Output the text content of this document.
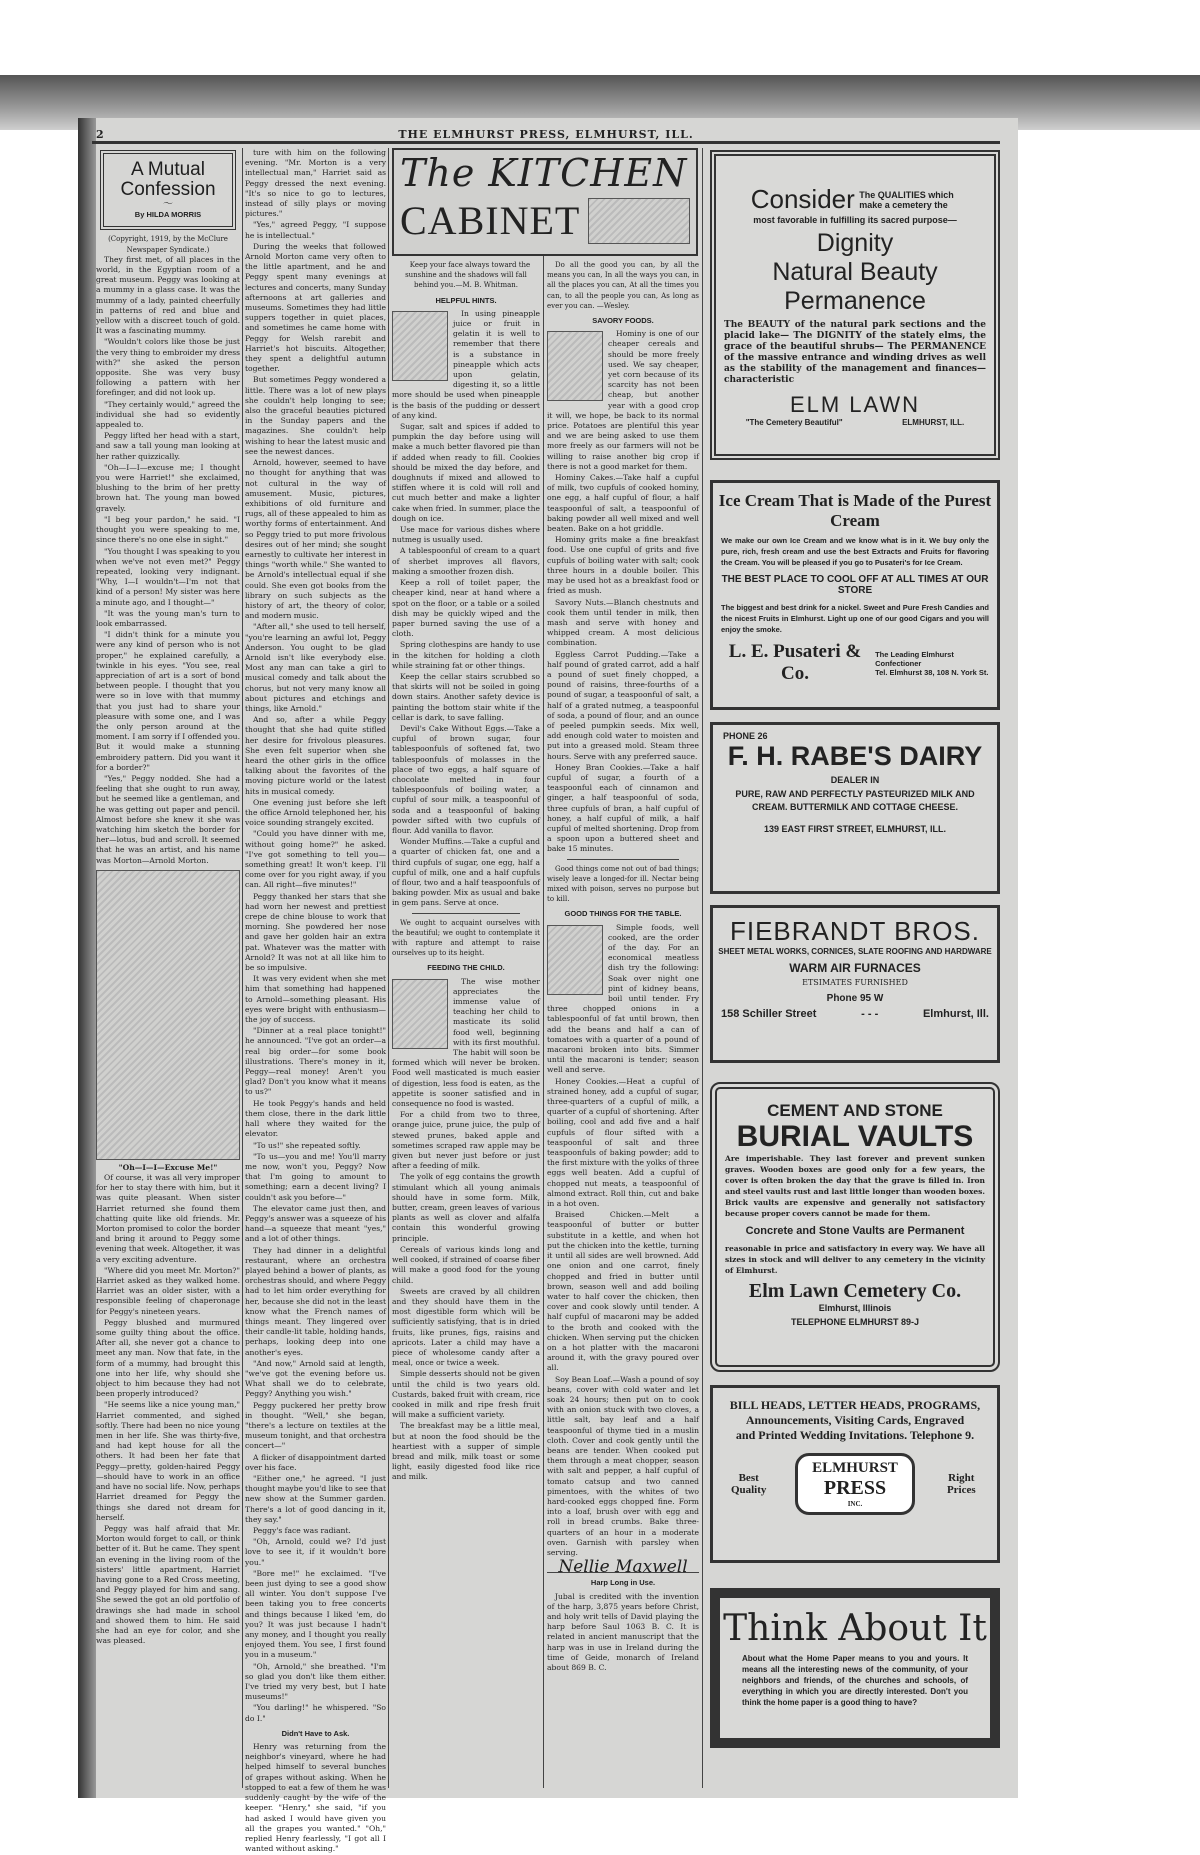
2	THE ELMHURST PRESS, ELMHURST, ILL.
A Mutual
Confession
〜
By HILDA MORRIS
(Copyright, 1919, by the McClure Newspaper Syndicate.)

They first met, of all places in the world, in the Egyptian room of a great museum. Peggy was looking at a mummy in a glass case. It was the mummy of a lady, painted cheerfully in patterns of red and blue and yellow with a discreet touch of gold. It was a fascinating mummy.

"Wouldn't colors like those be just the very thing to embroider my dress with?" she asked the person opposite. She was very busy following a pattern with her forefinger, and did not look up.

"They certainly would," agreed the individual she had so evidently appealed to.

Peggy lifted her head with a start, and saw a tall young man looking at her rather quizzically.

"Oh—I—I—excuse me; I thought you were Harriet!" she exclaimed, blushing to the brim of her pretty brown hat. The young man bowed gravely.

"I beg your pardon," he said. "I thought you were speaking to me, since there's no one else in sight."

"You thought I was speaking to you when we've not even met?" Peggy repeated, looking very indignant. "Why, I—I wouldn't—I'm not that kind of a person! My sister was here a minute ago, and I thought—"

"It was the young man's turn to look embarrassed.

"I didn't think for a minute you were any kind of person who is not proper," he explained carefully, a twinkle in his eyes. "You see, real appreciation of art is a sort of bond between people. I thought that you were so in love with that mummy that you just had to share your pleasure with some one, and I was the only person around at the moment. I am sorry if I offended you. But it would make a stunning embroidery pattern. Did you want it for a border?"

"Yes," Peggy nodded. She had a feeling that she ought to run away, but he seemed like a gentleman, and he was getting out paper and pencil. Almost before she knew it she was watching him sketch the border for her—lotus, bud and scroll. It seemed that he was an artist, and his name was Morton—Arnold Morton.

"Oh—I—I—Excuse Me!"

Of course, it was all very improper for her to stay there with him, but it was quite pleasant. When sister Harriet returned she found them chatting quite like old friends. Mr. Morton promised to color the border and bring it around to Peggy some evening that week. Altogether, it was a very exciting adventure.

"Where did you meet Mr. Morton?" Harriet asked as they walked home. Harriet was an older sister, with a responsible feeling of chaperonage for Peggy's nineteen years.

Peggy blushed and murmured some guilty thing about the office. After all, she never got a chance to meet any man. Now that fate, in the form of a mummy, had brought this one into her life, why should she object to him because they had not been properly introduced?

"He seems like a nice young man," Harriet commented, and sighed softly. There had been no nice young men in her life. She was thirty-five, and had kept house for all the others. It had been her fate that Peggy—pretty, golden-haired Peggy—should have to work in an office and have no social life. Now, perhaps Harriet dreamed for Peggy the things she dared not dream for herself.

Peggy was half afraid that Mr. Morton would forget to call, or think better of it. But he came. They spent an evening in the living room of the sisters' little apartment, Harriet having gone to a Red Cross meeting, and Peggy played for him and sang. She sewed the got an old portfolio of drawings she had made in school and showed them to him. He said she had an eye for color, and she was pleased.

ture with him on the following evening. "Mr. Morton is a very intellectual man," Harriet said as Peggy dressed the next evening. "It's so nice to go to lectures, instead of silly plays or moving pictures."

"Yes," agreed Peggy, "I suppose he is intellectual."

During the weeks that followed Arnold Morton came very often to the little apartment, and he and Peggy spent many evenings at lectures and concerts, many Sunday afternoons at art galleries and museums. Sometimes they had little suppers together in quiet places, and sometimes he came home with Peggy for Welsh rarebit and Harriet's hot biscuits. Altogether, they spent a delightful autumn together.

But sometimes Peggy wondered a little. There was a lot of new plays she couldn't help longing to see; also the graceful beauties pictured in the Sunday papers and the magazines. She couldn't help wishing to hear the latest music and see the newest dances.

Arnold, however, seemed to have no thought for anything that was not cultural in the way of amusement. Music, pictures, exhibitions of old furniture and rugs, all of these appealed to him as worthy forms of entertainment. And so Peggy tried to put more frivolous desires out of her mind; she sought earnestly to cultivate her interest in things "worth while." She wanted to be Arnold's intellectual equal if she could. She even got books from the library on such subjects as the history of art, the theory of color, and modern music.

"After all," she used to tell herself, "you're learning an awful lot, Peggy Anderson. You ought to be glad Arnold isn't like everybody else. Most any man can take a girl to musical comedy and talk about the chorus, but not very many know all about pictures and etchings and things, like Arnold."

And so, after a while Peggy thought that she had quite stifled her desire for frivolous pleasures. She even felt superior when she heard the other girls in the office talking about the favorites of the moving picture world or the latest hits in musical comedy.

One evening just before she left the office Arnold telephoned her, his voice sounding strangely excited.

"Could you have dinner with me, without going home?" he asked. "I've got something to tell you—something great! It won't keep. I'll come over for you right away, if you can. All right—five minutes!"

Peggy thanked her stars that she had worn her newest and prettiest crepe de chine blouse to work that morning. She powdered her nose and gave her golden hair an extra pat. Whatever was the matter with Arnold? It was not at all like him to be so impulsive.

It was very evident when she met him that something had happened to Arnold—something pleasant. His eyes were bright with enthusiasm—the joy of success.

"Dinner at a real place tonight!" he announced. "I've got an order—a real big order—for some book illustrations. There's money in it, Peggy—real money! Aren't you glad? Don't you know what it means to us?"

He took Peggy's hands and held them close, there in the dark little hall where they waited for the elevator.

"To us!" she repeated softly.

"To us—you and me! You'll marry me now, won't you, Peggy? Now that I'm going to amount to something; earn a decent living? I couldn't ask you before—"

The elevator came just then, and Peggy's answer was a squeeze of his hand—a squeeze that meant "yes," and a lot of other things.

They had dinner in a delightful restaurant, where an orchestra played behind a bower of plants, as orchestras should, and where Peggy had to let him order everything for her, because she did not in the least know what the French names of things meant. They lingered over their candle-lit table, holding hands, perhaps, looking deep into one another's eyes.

"And now," Arnold said at length, "we've got the evening before us. What shall we do to celebrate, Peggy? Anything you wish."

Peggy puckered her pretty brow in thought. "Well," she began, "there's a lecture on textiles at the museum tonight, and that orchestra concert—"

A flicker of disappointment darted over his face.

"Either one," he agreed. "I just thought maybe you'd like to see that new show at the Summer garden. There's a lot of good dancing in it, they say."

Peggy's face was radiant.

"Oh, Arnold, could we? I'd just love to see it, if it wouldn't bore you."

"Bore me!" he exclaimed. "I've been just dying to see a good show all winter. You don't suppose I've been taking you to free concerts and things because I liked 'em, do you? It was just because I hadn't any money, and I thought you really enjoyed them. You see, I first found you in a museum."

"Oh, Arnold," she breathed. "I'm so glad you don't like them either. I've tried my very best, but I hate museums!"

"You darling!" he whispered. "So do I."

Didn't Have to Ask.

Henry was returning from the neighbor's vineyard, where he had helped himself to several bunches of grapes without asking. When he stopped to eat a few of them he was suddenly caught by the wife of the keeper. "Henry," she said, "if you had asked I would have given you all the grapes you wanted." "Oh," replied Henry fearlessly, "I got all I wanted without asking."

The KITCHEN
CABINET

Keep your face always toward the sunshine and the shadows will fall behind you.—M. B. Whitman.

HELPFUL HINTS.

In using pineapple juice or fruit in gelatin it is well to remember that there is a substance in pineapple which acts upon gelatin, digesting it, so a little more should be used when pineapple is the basis of the pudding or dessert of any kind.

Sugar, salt and spices if added to pumpkin the day before using will make a much better flavored pie than if added when ready to fill. Cookies should be mixed the day before, and doughnuts if mixed and allowed to stiffen where it is cold will roll and cut much better and make a lighter cake when fried. In summer, place the dough on ice.

Use mace for various dishes where nutmeg is usually used.

A tablespoonful of cream to a quart of sherbet improves all flavors, making a smoother frozen dish.

Keep a roll of toilet paper, the cheaper kind, near at hand where a spot on the floor, or a table or a soiled dish may be quickly wiped and the paper burned saving the use of a cloth.

Spring clothespins are handy to use in the kitchen for holding a cloth while straining fat or other things.

Keep the cellar stairs scrubbed so that skirts will not be soiled in going down stairs. Another safety device is painting the bottom stair white if the cellar is dark, to save falling.

Devil's Cake Without Eggs.—Take a cupful of brown sugar, four tablespoonfuls of softened fat, two tablespoonfuls of molasses in the place of two eggs, a half square of chocolate melted in four tablespoonfuls of boiling water, a cupful of sour milk, a teaspoonful of soda and a teaspoonful of baking powder sifted with two cupfuls of flour. Add vanilla to flavor.

Wonder Muffins.—Take a cupful and a quarter of chicken fat, one and a third cupfuls of sugar, one egg, half a cupful of milk, one and a half cupfuls of flour, two and a half teaspoonfuls of baking powder. Mix as usual and bake in gem pans. Serve at once.

We ought to acquaint ourselves with the beautiful; we ought to contemplate it with rapture and attempt to raise ourselves up to its height.

FEEDING THE CHILD.

The wise mother appreciates the immense value of teaching her child to masticate its solid food well, beginning with its first mouthful. The habit will soon be formed which will never be broken. Food well masticated is much easier of digestion, less food is eaten, as the appetite is sooner satisfied and in consequence no food is wasted.

For a child from two to three, orange juice, prune juice, the pulp of stewed prunes, baked apple and sometimes scraped raw apple may be given but never just before or just after a feeding of milk.

The yolk of egg contains the growth stimulant which all young animals should have in some form. Milk, butter, cream, green leaves of various plants as well as clover and alfalfa contain this wonderful growing principle.

Cereals of various kinds long and well cooked, if strained of coarse fiber will make a good food for the young child.

Sweets are craved by all children and they should have them in the most digestible form which will be sufficiently satisfying, that is in dried fruits, like prunes, figs, raisins and apricots. Later a child may have a piece of wholesome candy after a meal, once or twice a week.

Simple desserts should not be given until the child is two years old. Custards, baked fruit with cream, rice cooked in milk and ripe fresh fruit will make a sufficient variety.

The breakfast may be a little meal, but at noon the food should be the heartiest with a supper of simple bread and milk, milk toast or some light, easily digested food like rice and milk.

Do all the good you can, by all the means you can, In all the ways you can, in all the places you can, At all the times you can, to all the people you can, As long as ever you can. —Wesley.

SAVORY FOODS.

Hominy is one of our cheaper cereals and should be more freely used. We say cheaper, yet corn because of its scarcity has not been cheap, but another year with a good crop it will, we hope, be back to its normal price. Potatoes are plentiful this year and we are being asked to use them more freely as our farmers will not be willing to raise another big crop if there is not a good market for them.

Hominy Cakes.—Take half a cupful of milk, two cupfuls of cooked hominy, one egg, a half cupful of flour, a half teaspoonful of salt, a teaspoonful of baking powder all well mixed and well beaten. Bake on a hot griddle.

Hominy grits make a fine breakfast food. Use one cupful of grits and five cupfuls of boiling water with salt; cook three hours in a double boiler. This may be used hot as a breakfast food or fried as mush.

Savory Nuts.—Blanch chestnuts and cook them until tender in milk, then mash and serve with honey and whipped cream. A most delicious combination.

Eggless Carrot Pudding.—Take a half pound of grated carrot, add a half a pound of suet finely chopped, a pound of raisins, three-fourths of a pound of sugar, a teaspoonful of salt, a half of a grated nutmeg, a teaspoonful of soda, a pound of flour, and an ounce of peeled pumpkin seeds. Mix well, add enough cold water to moisten and put into a greased mold. Steam three hours. Serve with any preferred sauce.

Honey Bran Cookies.—Take a half cupful of sugar, a fourth of a teaspoonful each of cinnamon and ginger, a half teaspoonful of soda, three cupfuls of bran, a half cupful of honey, a half cupful of milk, a half cupful of melted shortening. Drop from a spoon upon a buttered sheet and bake 15 minutes.

Good things come not out of bad things; wisely leave a longed-for ill. Nectar being mixed with poison, serves no purpose but to kill.

GOOD THINGS FOR THE TABLE.

Simple foods, well cooked, are the order of the day. For an economical meatless dish try the following: Soak over night one pint of kidney beans, boil until tender. Fry three chopped onions in a tablespoonful of fat until brown, then add the beans and half a can of tomatoes with a quarter of a pound of macaroni broken into bits. Simmer until the macaroni is tender; season well and serve.

Honey Cookies.—Heat a cupful of strained honey, add a cupful of sugar, three-quarters of a cupful of milk, a quarter of a cupful of shortening. After boiling, cool and add five and a half cupfuls of flour sifted with a teaspoonful of salt and three teaspoonfuls of baking powder; add to the first mixture with the yolks of three eggs well beaten. Add a cupful of chopped nut meats, a teaspoonful of almond extract. Roll thin, cut and bake in a hot oven.

Braised Chicken.—Melt a teaspoonful of butter or butter substitute in a kettle, and when hot put the chicken into the kettle, turning it until all sides are well browned. Add one onion and one carrot, finely chopped and fried in butter until brown, season well and add boiling water to half cover the chicken, then cover and cook slowly until tender. A half cupful of macaroni may be added to the broth and cooked with the chicken. When serving put the chicken on a hot platter with the macaroni around it, with the gravy poured over all.

Soy Bean Loaf.—Wash a pound of soy beans, cover with cold water and let soak 24 hours; then put on to cook with an onion stuck with two cloves, a little salt, bay leaf and a half teaspoonful of thyme tied in a muslin cloth. Cover and cook gently until the beans are tender. When cooked put them through a meat chopper, season with salt and pepper, a half cupful of tomato catsup and two canned pimentoes, with the whites of two hard-cooked eggs chopped fine. Form into a loaf, brush over with egg and roll in bread crumbs. Bake three-quarters of an hour in a moderate oven. Garnish with parsley when serving.

Nellie Maxwell
Harp Long in Use.

Jubal is credited with the invention of the harp, 3,875 years before Christ, and holy writ tells of David playing the harp before Saul 1063 B. C. It is related in ancient manuscript that the harp was in use in Ireland during the time of Geide, monarch of Ireland about 869 B. C.

Consider The QUALITIES which make a cemetery the
most favorable in fulfilling its sacred purpose—
Dignity
Natural Beauty
Permanence
The BEAUTY of the natural park sections and the placid lake— The DIGNITY of the stately elms, the grace of the beautiful shrubs— The PERMANENCE of the massive entrance and winding drives as well as the stability of the management and finances—characteristic
ELM LAWN
"The Cemetery Beautiful"	ELMHURST, ILL.
Ice Cream That is Made of the Purest Cream
We make our own Ice Cream and we know what is in it. We buy only the pure, rich, fresh cream and use the best Extracts and Fruits for flavoring the Cream. You will be pleased if you go to Pusateri's for Ice Cream.
THE BEST PLACE TO COOL OFF AT ALL TIMES AT OUR STORE
The biggest and best drink for a nickel. Sweet and Pure Fresh Candies and the nicest Fruits in Elmhurst. Light up one of our good Cigars and you will enjoy the smoke.
L. E. Pusateri & Co.
The Leading Elmhurst Confectioner
Tel. Elmhurst 38, 108 N. York St.
PHONE 26
F. H. RABE'S DAIRY
DEALER IN
PURE, RAW AND PERFECTLY PASTEURIZED MILK AND CREAM. BUTTERMILK AND COTTAGE CHEESE.
139 EAST FIRST STREET, ELMHURST, ILL.
FIEBRANDT BROS.
SHEET METAL WORKS, CORNICES, SLATE ROOFING AND HARDWARE
WARM AIR FURNACES
ETSIMATES FURNISHED
Phone 95 W
158 Schiller Street	- - -	Elmhurst, Ill.
CEMENT AND STONE
BURIAL VAULTS
Are imperishable. They last forever and prevent sunken graves. Wooden boxes are good only for a few years, the cover is often broken the day that the grave is filled in. Iron and steel vaults rust and last little longer than wooden boxes. Brick vaults are expensive and generally not satisfactory because proper covers cannot be made for them.
Concrete and Stone Vaults are Permanent
reasonable in price and satisfactory in every way. We have all sizes in stock and will deliver to any cemetery in the vicinity of Elmhurst.
Elm Lawn Cemetery Co.
Elmhurst, Illinois
TELEPHONE ELMHURST 89-J
BILL HEADS, LETTER HEADS, PROGRAMS,
Announcements, Visiting Cards, Engraved
and Printed Wedding Invitations. Telephone 9.
Best Quality
ELMHURST
PRESS
INC.
Right Prices
Think About It
About what the Home Paper means to you and yours. It means all the interesting news of the community, of your neighbors and friends, of the churches and schools, of everything in which you are directly interested. Don't you think the home paper is a good thing to have?
